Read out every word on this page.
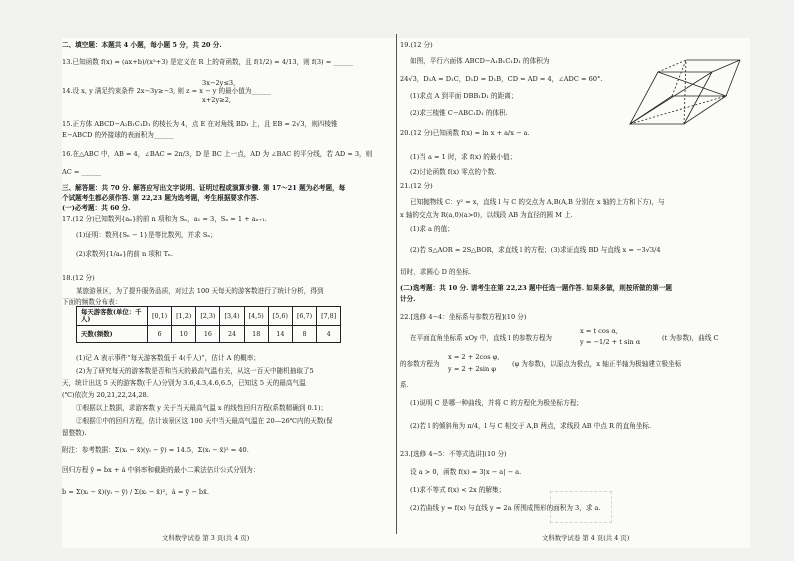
二、填空题：本题共 4 小题，每小题 5 分，共 20 分.
13.已知函数 f(x) = (ax+b)/(x²+3) 是定义在 R 上的奇函数，且 f(1/2) = 4/13，则 f(3) = ______
3x−2y≤3,
14.设 x, y 满足约束条件 2x−3y≥−3, 则 z = x − y 的最小值为______
x+2y≥2,
15.正方体 ABCD−A₁B₁C₁D₁ 的棱长为 4，点 E 在对角线 BD₁ 上，且 EB = 2√3，则四棱锥
E−ABCD 的外接球的表面积为______
16.在△ABC 中，AB = 4，∠BAC = 2π/3，D 是 BC 上一点，AD 为 ∠BAC 的平分线，若 AD = 3，则
AC = ______
三、解答题：共 70 分. 解答应写出文字说明、证明过程或演算步骤. 第 17～21 题为必考题，每
个试题考生都必须作答. 第 22,23 题为选考题，考生根据要求作答.
(一)必考题：共 60 分.
17.(12 分)已知数列{aₙ}的前 n 项和为 Sₙ，a₁ = 3，Sₙ = 1 + aₙ₊₁.
(1)证明：数列{Sₙ − 1}是等比数列，并求 Sₙ；
(2)求数列{1/aₙ}的前 n 项和 Tₙ.
18.(12 分)
某旅游景区，为了提升服务品质，对过去 100 天每天的游客数进行了统计分析，得到
下面的频数分布表：
每天游客数(单位：千人)	[0,1)	[1,2)	[2,3)	[3,4)	[4,5)	[5,6)	[6,7)	[7,8]
天数(频数)	6	10	16	24	18	14	8	4
(1)记 A 表示事件“每天游客数低于 4(千人)”，估计 A 的概率；
(2)为了研究每天的游客数是否和当天的最高气温有关，从这一百天中随机抽取了5
天，统计出这 5 天的游客数(千人)分别为 3.6,4.3,4.6,6.5，已知这 5 天的最高气温
(℃)依次为 20,21,22,24,28.
①根据以上数据，求游客数 y 关于当天最高气温 x 的线性回归方程(系数精确到 0.1)；
②根据①中的回归方程，估计该景区这 100 天中当天最高气温在 20—26℃内的天数(保
留整数).
附注：参考数据：Σ(xᵢ − x̄)(yᵢ − ȳ) = 14.5，Σ(xᵢ − x̄)² = 40.
回归方程 ŷ = b̂x + â 中斜率和截距的最小二乘法估计公式分别为：
b̂ = Σ(xᵢ − x̄)(yᵢ − ȳ) / Σ(xᵢ − x̄)²，â = ȳ − b̂x̄.
文科数学试卷 第 3 页(共 4 页)
19.(12 分)
如图，平行六面体 ABCD−A₁B₁C₁D₁ 的体积为
24√3，D₁A = D₁C，D₁D = D₁B，CD = AD = 4，∠ADC = 60°.
(1)求点 A 到平面 DBB₁D₁ 的距离；
(2)求三棱锥 C−ABC₁D₁ 的体积.
20.(12 分)已知函数 f(x) = ln x + a/x − a.
(1)当 a = 1 时，求 f(x) 的最小值；
(2)讨论函数 f(x) 零点的个数.
21.(12 分)
已知抛物线 C：y² = x，直线 l 与 C 的交点为 A,B(A,B 分别在 x 轴的上方和下方)，与
x 轴的交点为 R(a,0)(a>0)，以线段 AB 为直径的圆 M 上.
(1)求 a 的值；
(2)若 S△AOR = 2S△BOR，求直线 l 的方程；(3)求证直线 BD 与直线 x = −3√3/4
切时，求圆心 D 的坐标.
(二)选考题：共 10 分. 请考生在第 22,23 题中任选一题作答. 如果多做，则按所做的第一题
计分.
22.[选修 4−4：坐标系与参数方程](10 分)
在平面直角坐标系 xOy 中，直线 l 的参数方程为
x = t cos α,
y = −1/2 + t sin α	(t 为参数)，曲线 C
的参数方程为
x = 2 + 2cos φ,
y = 2 + 2sin φ
(φ 为参数)，以原点为极点，x 轴正半轴为极轴建立极坐标
系.
(1)说明 C 是哪一种曲线，并将 C 的方程化为极坐标方程；
(2)若 l 的倾斜角为 π/4，l 与 C 相交于 A,B 两点，求线段 AB 中点 R 的直角坐标.
23.[选修 4−5：不等式选讲](10 分)
设 a > 0，函数 f(x) = 3|x − a| − a.
(1)求不等式 f(x) < 2x 的解集；
(2)若曲线 y = f(x) 与直线 y = 2a 所围成图形的面积为 3，求 a.
文科数学试卷 第 4 页(共 4 页)
